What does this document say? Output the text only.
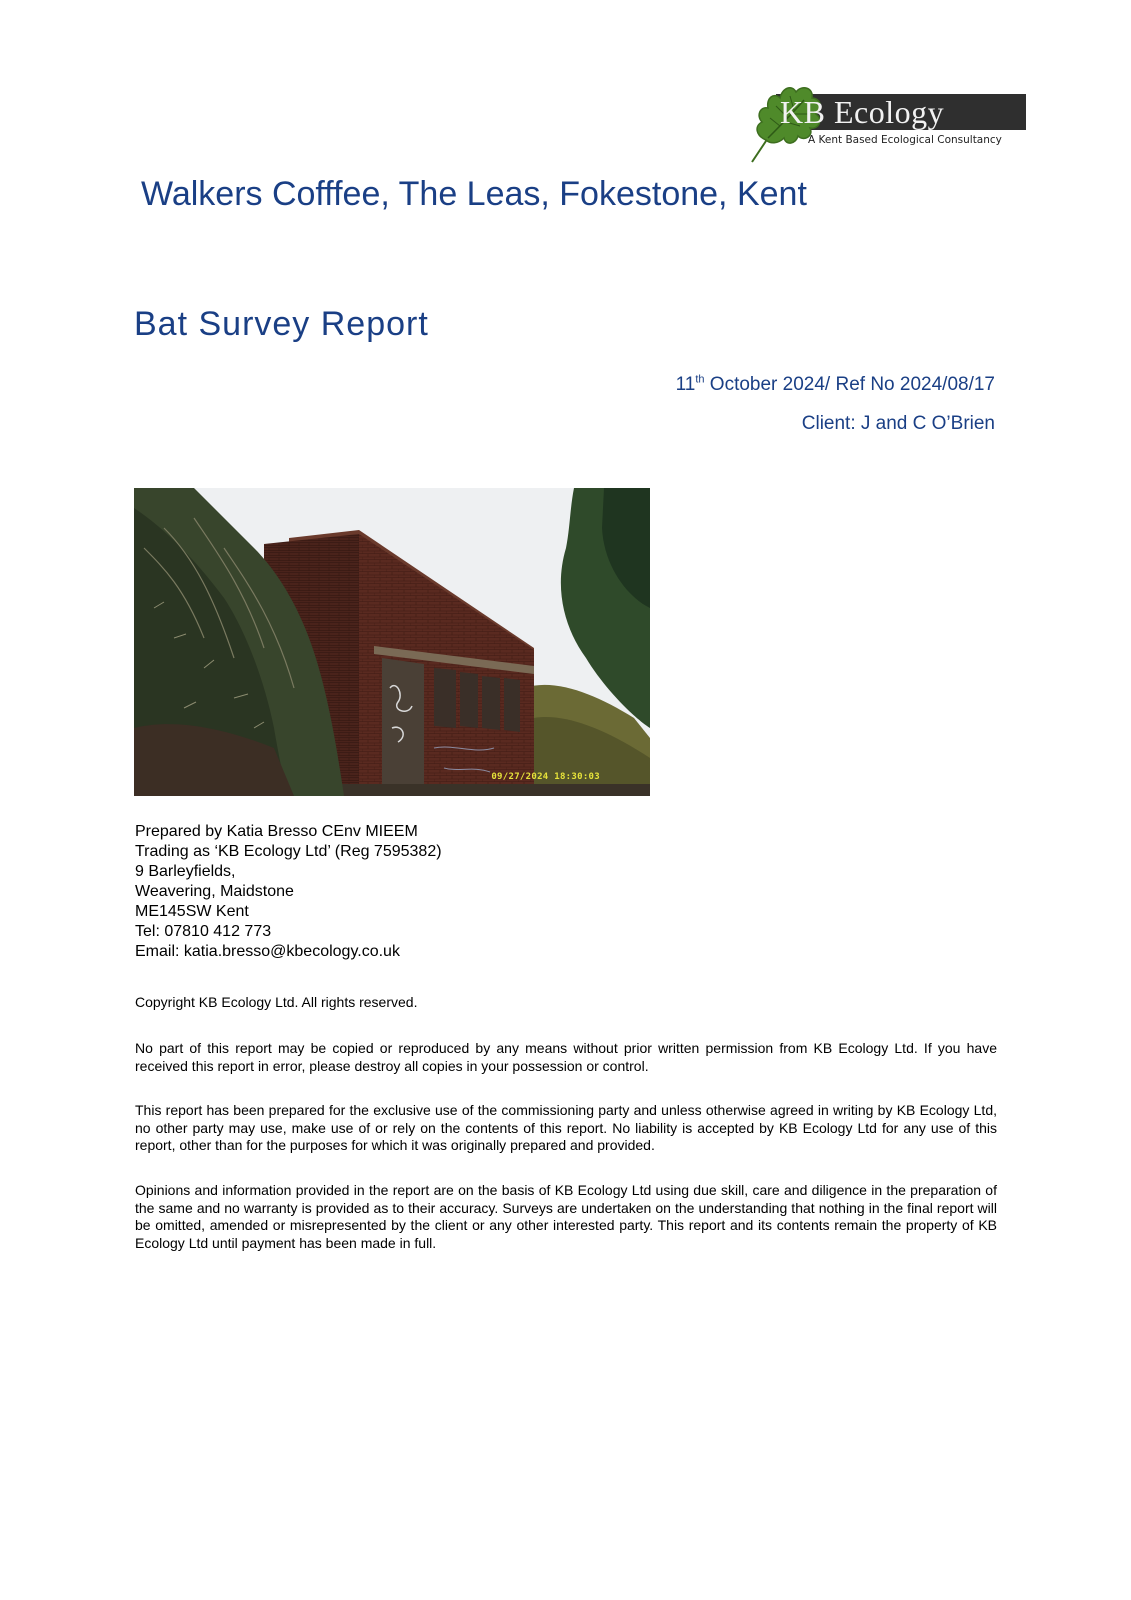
KB Ecology
A Kent Based Ecological Consultancy
Walkers Cofffee, The Leas, Fokestone, Kent
Bat Survey Report
11th October 2024/ Ref No 2024/08/17
Client: J and C O’Brien
09/27/2024 18:30:03
Prepared by Katia Bresso CEnv MIEEM
Trading as ‘KB Ecology Ltd’ (Reg 7595382)
9 Barleyfields,
Weavering, Maidstone
ME145SW Kent
Tel: 07810 412 773
Email: katia.bresso@kbecology.co.uk
Copyright KB Ecology Ltd. All rights reserved.
No part of this report may be copied or reproduced by any means without prior written permission from KB Ecology Ltd. If you have received this report in error, please destroy all copies in your possession or control.
This report has been prepared for the exclusive use of the commissioning party and unless otherwise agreed in writing by KB Ecology Ltd, no other party may use, make use of or rely on the contents of this report. No liability is accepted by KB Ecology Ltd for any use of this report, other than for the purposes for which it was originally prepared and provided.
Opinions and information provided in the report are on the basis of KB Ecology Ltd using due skill, care and diligence in the preparation of the same and no warranty is provided as to their accuracy. Surveys are undertaken on the understanding that nothing in the final report will be omitted, amended or misrepresented by the client or any other interested party. This report and its contents remain the property of KB Ecology Ltd until payment has been made in full.
